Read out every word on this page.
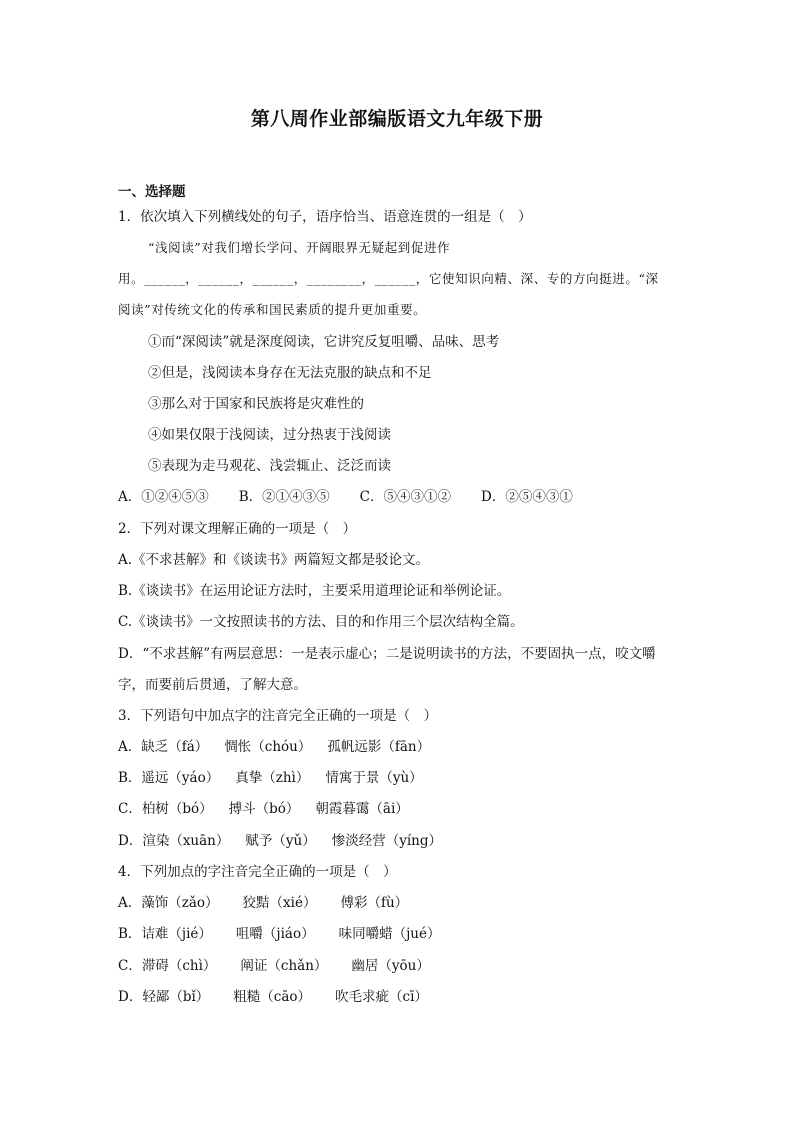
第八周作业部编版语文九年级下册
一、选择题
1．依次填入下列横线处的句子，语序恰当、语意连贯的一组是（　）
“浅阅读”对我们增长学问、开阔眼界无疑起到促进作
用。______，______，______，________，______，它使知识向精、深、专的方向挺进。“深
阅读”对传统文化的传承和国民素质的提升更加重要。
①而“深阅读”就是深度阅读，它讲究反复咀嚼、品味、思考
②但是，浅阅读本身存在无法克服的缺点和不足
③那么对于国家和民族将是灾难性的
④如果仅限于浅阅读，过分热衷于浅阅读
⑤表现为走马观花、浅尝辄止、泛泛而读
A．①②④⑤③ B．②①④③⑤ C．⑤④③①② D．②⑤④③①
2．下列对课文理解正确的一项是（　）
A.《不求甚解》和《谈读书》两篇短文都是驳论文。
B.《谈读书》在运用论证方法时，主要采用道理论证和举例论证。
C.《谈读书》一文按照读书的方法、目的和作用三个层次结构全篇。
D．“不求甚解”有两层意思：一是表示虚心；二是说明读书的方法，不要固执一点，咬文嚼
字，而要前后贯通，了解大意。
3．下列语句中加点字的注音完全正确的一项是（　）
A．缺乏（fá） 惆怅（chóu） 孤帆远影（fān）
B．遥远（yáo） 真挚（zhì） 情寓于景（yù）
C．柏树（bó） 搏斗（bó） 朝霞暮霭（āi）
D．渲染（xuān） 赋予（yǔ） 惨淡经营（yíng）
4．下列加点的字注音完全正确的一项是（　）
A．藻饰（zǎo） 狡黠（xié） 傅彩（fù）
B．诘难（jié） 咀嚼（jiáo） 味同嚼蜡（jué）
C．滞碍（chì） 阐证（chǎn） 幽居（yōu）
D．轻鄙（bǐ） 粗糙（cāo） 吹毛求疵（cī）
